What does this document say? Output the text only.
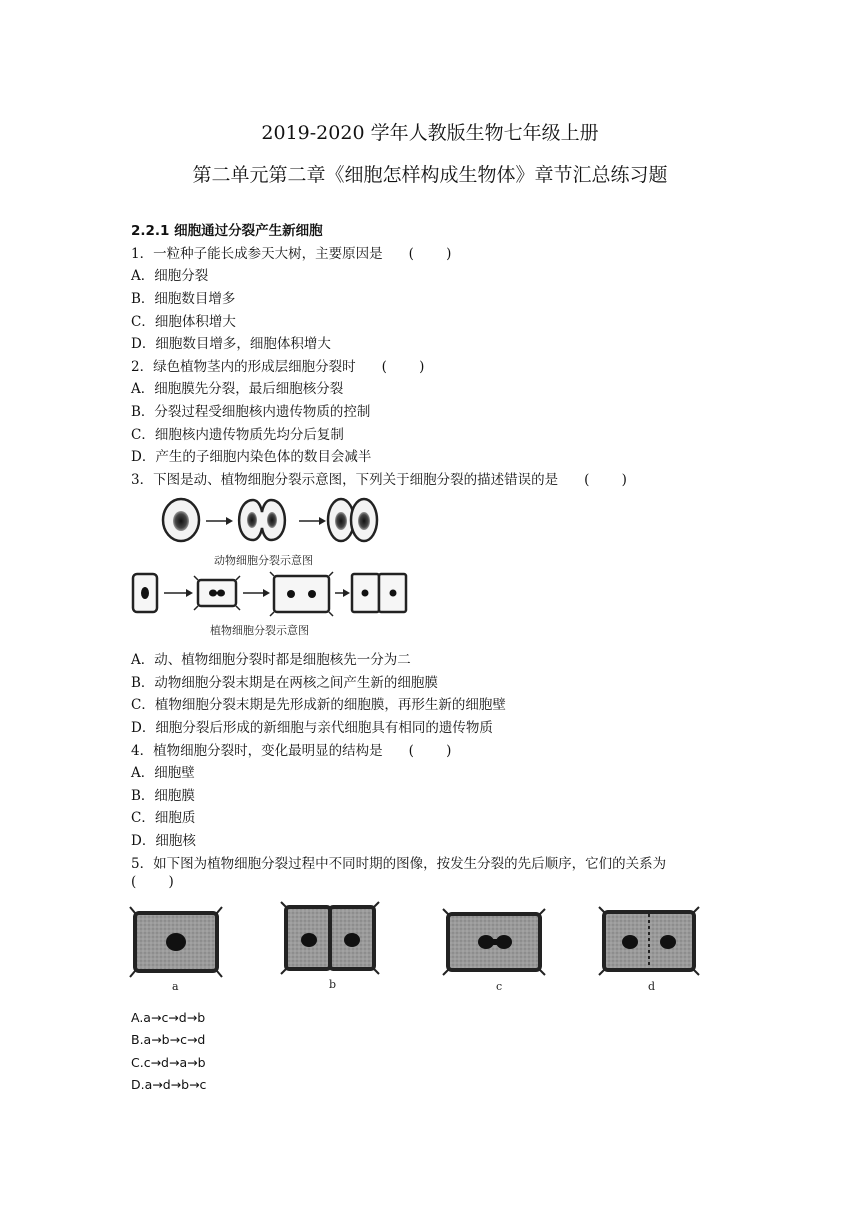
2019-2020 学年人教版生物七年级上册
第二单元第二章《细胞怎样构成生物体》章节汇总练习题
2.2.1 细胞通过分裂产生新细胞
1．一粒种子能长成参天大树，主要原因是 ( )
A．细胞分裂
B．细胞数目增多
C．细胞体积增大
D．细胞数目增多，细胞体积增大
2．绿色植物茎内的形成层细胞分裂时 ( )
A．细胞膜先分裂，最后细胞核分裂
B．分裂过程受细胞核内遗传物质的控制
C．细胞核内遗传物质先均分后复制
D．产生的子细胞内染色体的数目会减半
3．下图是动、植物细胞分裂示意图，下列关于细胞分裂的描述错误的是 ( )
动物细胞分裂示意图
植物细胞分裂示意图
A．动、植物细胞分裂时都是细胞核先一分为二
B．动物细胞分裂末期是在两核之间产生新的细胞膜
C．植物细胞分裂末期是先形成新的细胞膜，再形生新的细胞壁
D．细胞分裂后形成的新细胞与亲代细胞具有相同的遗传物质
4．植物细胞分裂时，变化最明显的结构是 ( )
A．细胞壁
B．细胞膜
C．细胞质
D．细胞核
5．如下图为植物细胞分裂过程中不同时期的图像，按发生分裂的先后顺序，它们的关系为
( )
a	b	c	d
A.a→c→d→b
B.a→b→c→d
C.c→d→a→b
D.a→d→b→c
